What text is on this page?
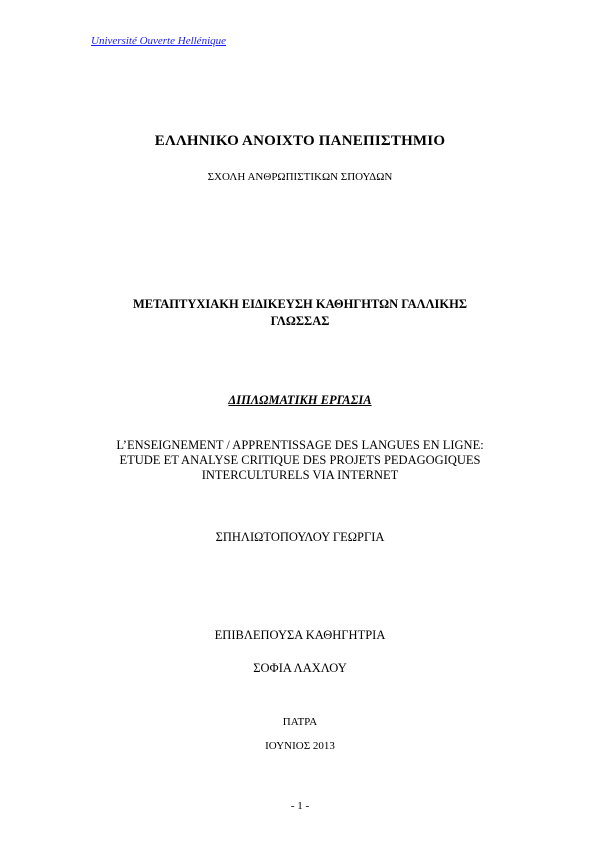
Université Ouverte Hellénique
ΕΛΛΗΝΙΚΟ ΑΝΟΙΧΤΟ ΠΑΝΕΠΙΣΤΗΜΙΟ
ΣΧΟΛΗ ΑΝΘΡΩΠΙΣΤΙΚΩΝ ΣΠΟΥΔΩΝ
ΜΕΤΑΠΤΥΧΙΑΚΗ ΕΙΔΙΚΕΥΣΗ ΚΑΘΗΓΗΤΩΝ ΓΑΛΛΙΚΗΣ
ΓΛΩΣΣΑΣ
ΔΙΠΛΩΜΑΤΙΚΗ ΕΡΓΑΣΙΑ
L’ENSEIGNEMENT / APPRENTISSAGE DES LANGUES EN LIGNE:
ETUDE ET ANALYSE CRITIQUE DES PROJETS PEDAGOGIQUES
INTERCULTURELS VIA INTERNET
ΣΠΗΛΙΩΤΟΠΟΥΛΟΥ ΓΕΩΡΓΙΑ
ΕΠΙΒΛΕΠΟΥΣΑ ΚΑΘΗΓΗΤΡΙΑ
ΣΟΦΙΑ ΛΑΧΛΟΥ
ΠΑΤΡΑ
ΙΟΥΝΙΟΣ 2013
- 1 -
